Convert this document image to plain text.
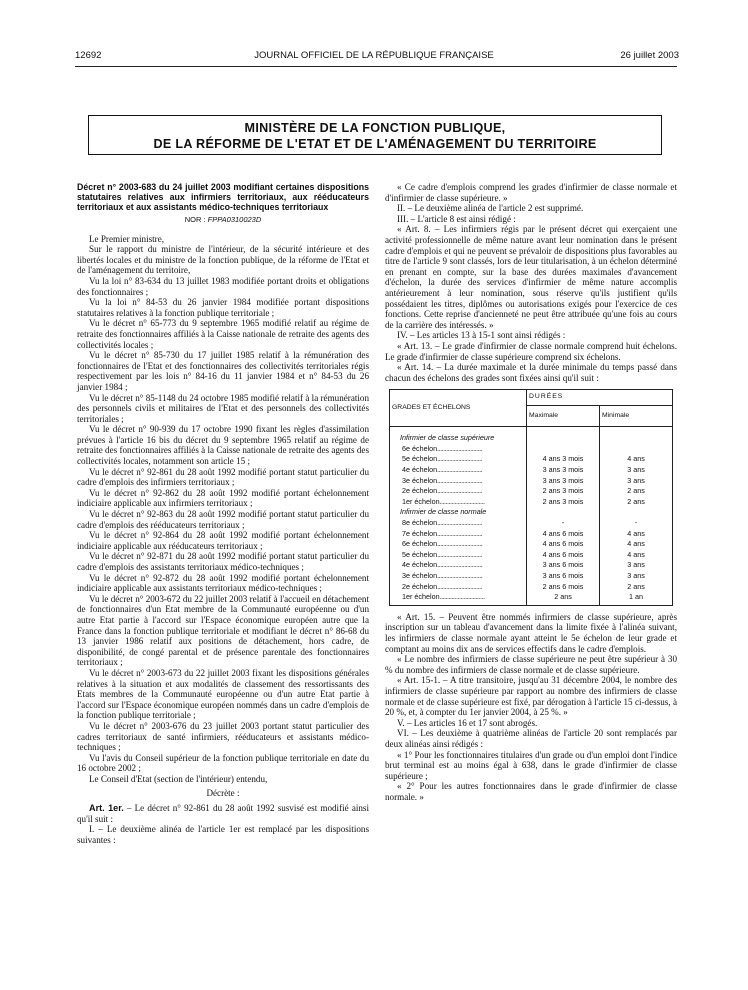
12692	JOURNAL OFFICIEL DE LA RÉPUBLIQUE FRANÇAISE	26 juillet 2003
MINISTÈRE DE LA FONCTION PUBLIQUE,
DE LA RÉFORME DE L'ETAT ET DE L'AMÉNAGEMENT DU TERRITOIRE

Décret n° 2003-683 du 24 juillet 2003 modifiant certaines dispositions statutaires relatives aux infirmiers territoriaux, aux rééducateurs territoriaux et aux assistants médico-techniques territoriaux

NOR : FPPA0310023D

Le Premier ministre,

Sur le rapport du ministre de l'intérieur, de la sécurité intérieure et des libertés locales et du ministre de la fonction publique, de la réforme de l'Etat et de l'aménagement du territoire,

Vu la loi n° 83-634 du 13 juillet 1983 modifiée portant droits et obligations des fonctionnaires ;

Vu la loi n° 84-53 du 26 janvier 1984 modifiée portant dispositions statutaires relatives à la fonction publique territoriale ;

Vu le décret n° 65-773 du 9 septembre 1965 modifié relatif au régime de retraite des fonctionnaires affiliés à la Caisse nationale de retraite des agents des collectivités locales ;

Vu le décret n° 85-730 du 17 juillet 1985 relatif à la rémunération des fonctionnaires de l'Etat et des fonctionnaires des collectivités territoriales régis respectivement par les lois n° 84-16 du 11 janvier 1984 et n° 84-53 du 26 janvier 1984 ;

Vu le décret n° 85-1148 du 24 octobre 1985 modifié relatif à la rémunération des personnels civils et militaires de l'Etat et des personnels des collectivités territoriales ;

Vu le décret n° 90-939 du 17 octobre 1990 fixant les règles d'assimilation prévues à l'article 16 bis du décret du 9 septembre 1965 relatif au régime de retraite des fonctionnaires affiliés à la Caisse nationale de retraite des agents des collectivités locales, notamment son article 15 ;

Vu le décret n° 92-861 du 28 août 1992 modifié portant statut particulier du cadre d'emplois des infirmiers territoriaux ;

Vu le décret n° 92-862 du 28 août 1992 modifié portant échelonnement indiciaire applicable aux infirmiers territoriaux ;

Vu le décret n° 92-863 du 28 août 1992 modifié portant statut particulier du cadre d'emplois des rééducateurs territoriaux ;

Vu le décret n° 92-864 du 28 août 1992 modifié portant échelonnement indiciaire applicable aux rééducateurs territoriaux ;

Vu le décret n° 92-871 du 28 août 1992 modifié portant statut particulier du cadre d'emplois des assistants territoriaux médico-techniques ;

Vu le décret n° 92-872 du 28 août 1992 modifié portant échelonnement indiciaire applicable aux assistants territoriaux médico-techniques ;

Vu le décret n° 2003-672 du 22 juillet 2003 relatif à l'accueil en détachement de fonctionnaires d'un Etat membre de la Communauté européenne ou d'un autre Etat partie à l'accord sur l'Espace économique européen autre que la France dans la fonction publique territoriale et modifiant le décret n° 86-68 du 13 janvier 1986 relatif aux positions de détachement, hors cadre, de disponibilité, de congé parental et de présence parentale des fonctionnaires territoriaux ;

Vu le décret n° 2003-673 du 22 juillet 2003 fixant les dispositions générales relatives à la situation et aux modalités de classement des ressortissants des Etats membres de la Communauté européenne ou d'un autre Etat partie à l'accord sur l'Espace économique européen nommés dans un cadre d'emplois de la fonction publique territoriale ;

Vu le décret n° 2003-676 du 23 juillet 2003 portant statut particulier des cadres territoriaux de santé infirmiers, rééducateurs et assistants médico-techniques ;

Vu l'avis du Conseil supérieur de la fonction publique territoriale en date du 16 octobre 2002 ;

Le Conseil d'Etat (section de l'intérieur) entendu,

Décrète :

Art. 1er. – Le décret n° 92-861 du 28 août 1992 susvisé est modifié ainsi qu'il suit :

I. – Le deuxième alinéa de l'article 1er est remplacé par les dispositions suivantes :

« Ce cadre d'emplois comprend les grades d'infirmier de classe normale et d'infirmier de classe supérieure. »

II. – Le deuxième alinéa de l'article 2 est supprimé.

III. – L'article 8 est ainsi rédigé :

« Art. 8. – Les infirmiers régis par le présent décret qui exerçaient une activité professionnelle de même nature avant leur nomination dans le présent cadre d'emplois et qui ne peuvent se prévaloir de dispositions plus favorables au titre de l'article 9 sont classés, lors de leur titularisation, à un échelon déterminé en prenant en compte, sur la base des durées maximales d'avancement d'échelon, la durée des services d'infirmier de même nature accomplis antérieurement à leur nomination, sous réserve qu'ils justifient qu'ils possédaient les titres, diplômes ou autorisations exigés pour l'exercice de ces fonctions. Cette reprise d'ancienneté ne peut être attribuée qu'une fois au cours de la carrière des intéressés. »

IV. – Les articles 13 à 15-1 sont ainsi rédigés :

« Art. 13. – Le grade d'infirmier de classe normale comprend huit échelons. Le grade d'infirmier de classe supérieure comprend six échelons.

« Art. 14. – La durée maximale et la durée minimale du temps passé dans chacun des échelons des grades sont fixées ainsi qu'il suit :

GRADES ET ÉCHELONS	DURÉES	
	Maximale	Minimale
Infirmier de classe supérieure		
6e échelon..............................		
5e échelon..............................	4 ans 3 mois	4 ans
4e échelon..............................	3 ans 3 mois	3 ans
3e échelon..............................	3 ans 3 mois	3 ans
2e échelon..............................	2 ans 3 mois	2 ans
1er échelon..............................	2 ans 3 mois	2 ans
Infirmier de classe normale		
8e échelon..............................	-	-
7e échelon..............................	4 ans 6 mois	4 ans
6e échelon..............................	4 ans 6 mois	4 ans
5e échelon..............................	4 ans 6 mois	4 ans
4e échelon..............................	3 ans 6 mois	3 ans
3e échelon..............................	3 ans 6 mois	3 ans
2e échelon..............................	2 ans 6 mois	2 ans
1er échelon..............................	2 ans	1 an

« Art. 15. – Peuvent être nommés infirmiers de classe supérieure, après inscription sur un tableau d'avancement dans la limite fixée à l'alinéa suivant, les infirmiers de classe normale ayant atteint le 5e échelon de leur grade et comptant au moins dix ans de services effectifs dans le cadre d'emplois.

« Le nombre des infirmiers de classe supérieure ne peut être supérieur à 30 % du nombre des infirmiers de classe normale et de classe supérieure.

« Art. 15-1. – A titre transitoire, jusqu'au 31 décembre 2004, le nombre des infirmiers de classe supérieure par rapport au nombre des infirmiers de classe normale et de classe supérieure est fixé, par dérogation à l'article 15 ci-dessus, à 20 %, et, à compter du 1er janvier 2004, à 25 %. »

V. – Les articles 16 et 17 sont abrogés.

VI. – Les deuxième à quatrième alinéas de l'article 20 sont remplacés par deux alinéas ainsi rédigés :

« 1° Pour les fonctionnaires titulaires d'un grade ou d'un emploi dont l'indice brut terminal est au moins égal à 638, dans le grade d'infirmier de classe supérieure ;

« 2° Pour les autres fonctionnaires dans le grade d'infirmier de classe normale. »
